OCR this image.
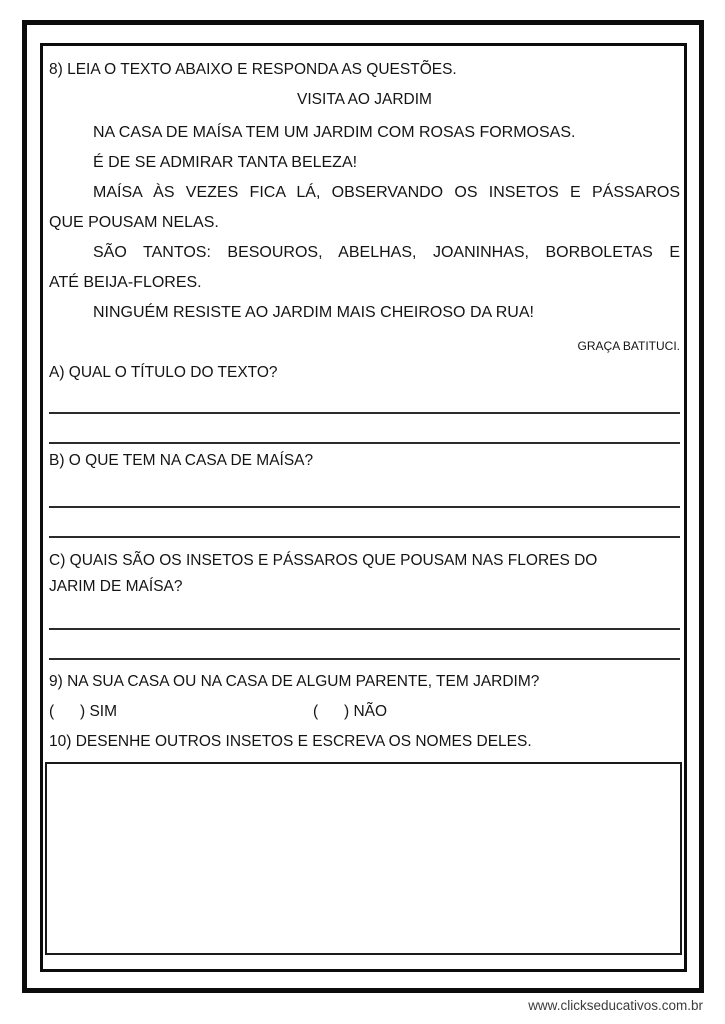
8) LEIA O TEXTO ABAIXO E RESPONDA AS QUESTÕES.
VISITA AO JARDIM
NA CASA DE MAÍSA TEM UM JARDIM COM ROSAS FORMOSAS.
É DE SE ADMIRAR TANTA BELEZA!
MAÍSA ÀS VEZES FICA LÁ, OBSERVANDO OS INSETOS E PÁSSAROS
QUE POUSAM NELAS.
SÃO TANTOS: BESOUROS, ABELHAS, JOANINHAS, BORBOLETAS E
ATÉ BEIJA-FLORES.
NINGUÉM RESISTE AO JARDIM MAIS CHEIROSO DA RUA!
GRAÇA BATITUCI.
A) QUAL O TÍTULO DO TEXTO?
B) O QUE TEM NA CASA DE MAÍSA?
C) QUAIS SÃO OS INSETOS E PÁSSAROS QUE POUSAM NAS FLORES DO
JARIM DE MAÍSA?
9) NA SUA CASA OU NA CASA DE ALGUM PARENTE, TEM JARDIM?
(      ) SIM	(      ) NÃO
10) DESENHE OUTROS INSETOS E ESCREVA OS NOMES DELES.
www.clickseducativos.com.br
